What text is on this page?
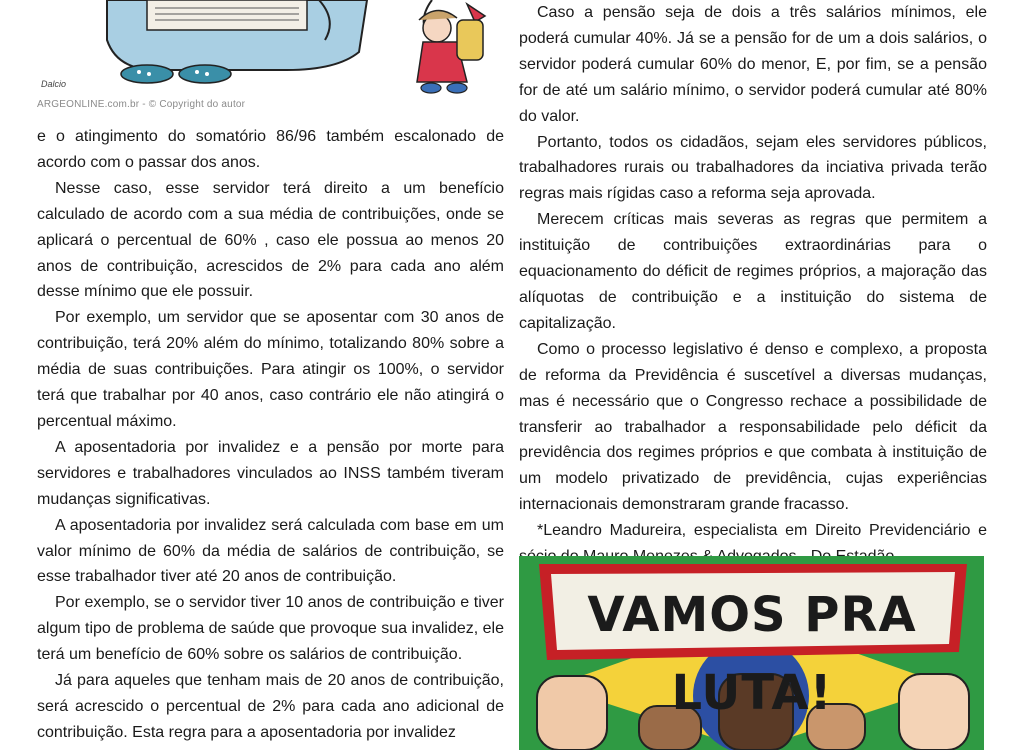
Dalcio
ARGEONLINE.com.br - © Copyright do autor

e o atingimento do somatório 86/96 também escalonado de acordo com o passar dos anos.

Nesse caso, esse servidor terá direito a um benefício calculado de acordo com a sua média de contribuições, onde se aplicará o percentual de 60% , caso ele possua ao menos 20 anos de contribuição, acrescidos de 2% para cada ano além desse mínimo que ele possuir.

Por exemplo, um servidor que se aposentar com 30 anos de contribuição, terá 20% além do mínimo, totalizando 80% sobre a média de suas contribuições. Para atingir os 100%, o servidor terá que trabalhar por 40 anos, caso contrário ele não atingirá o percentual máximo.

A aposentadoria por invalidez e a pensão por morte para servidores e trabalhadores vinculados ao INSS também tiveram mudanças significativas.

A aposentadoria por invalidez será calculada com base em um valor mínimo de 60% da média de salários de contribuição, se esse trabalhador tiver até 20 anos de contribuição.

Por exemplo, se o servidor tiver 10 anos de contribuição e tiver algum tipo de problema de saúde que provoque sua invalidez, ele terá um benefício de 60% sobre os salários de contribuição.

Já para aqueles que tenham mais de 20 anos de contribuição, será acrescido o percentual de 2% para cada ano adicional de contribuição. Esta regra para a aposentadoria por invalidez

Caso a pensão seja de dois a três salários mínimos, ele poderá cumular 40%. Já se a pensão for de um a dois salários, o servidor poderá cumular 60% do menor, E, por fim, se a pensão for de até um salário mínimo, o servidor poderá cumular até 80% do valor.

Portanto, todos os cidadãos, sejam eles servidores públicos, trabalhadores rurais ou trabalhadores da inciativa privada terão regras mais rígidas caso a reforma seja aprovada.

Merecem críticas mais severas as regras que permitem a instituição de contribuições extraordinárias para o equacionamento do déficit de regimes próprios, a majoração das alíquotas de contribuição e a instituição do sistema de capitalização.

Como o processo legislativo é denso e complexo, a proposta de reforma da Previdência é suscetível a diversas mudanças, mas é necessário que o Congresso rechace a possibilidade de transferir ao trabalhador a responsabilidade pelo déficit da previdência dos regimes próprios e que combata à instituição de um modelo privatizado de previdência, cujas experiências internacionais demonstraram grande fracasso.

*Leandro Madureira, especialista em Direito Previdenciário e

VAMOS PRA LUTA!
